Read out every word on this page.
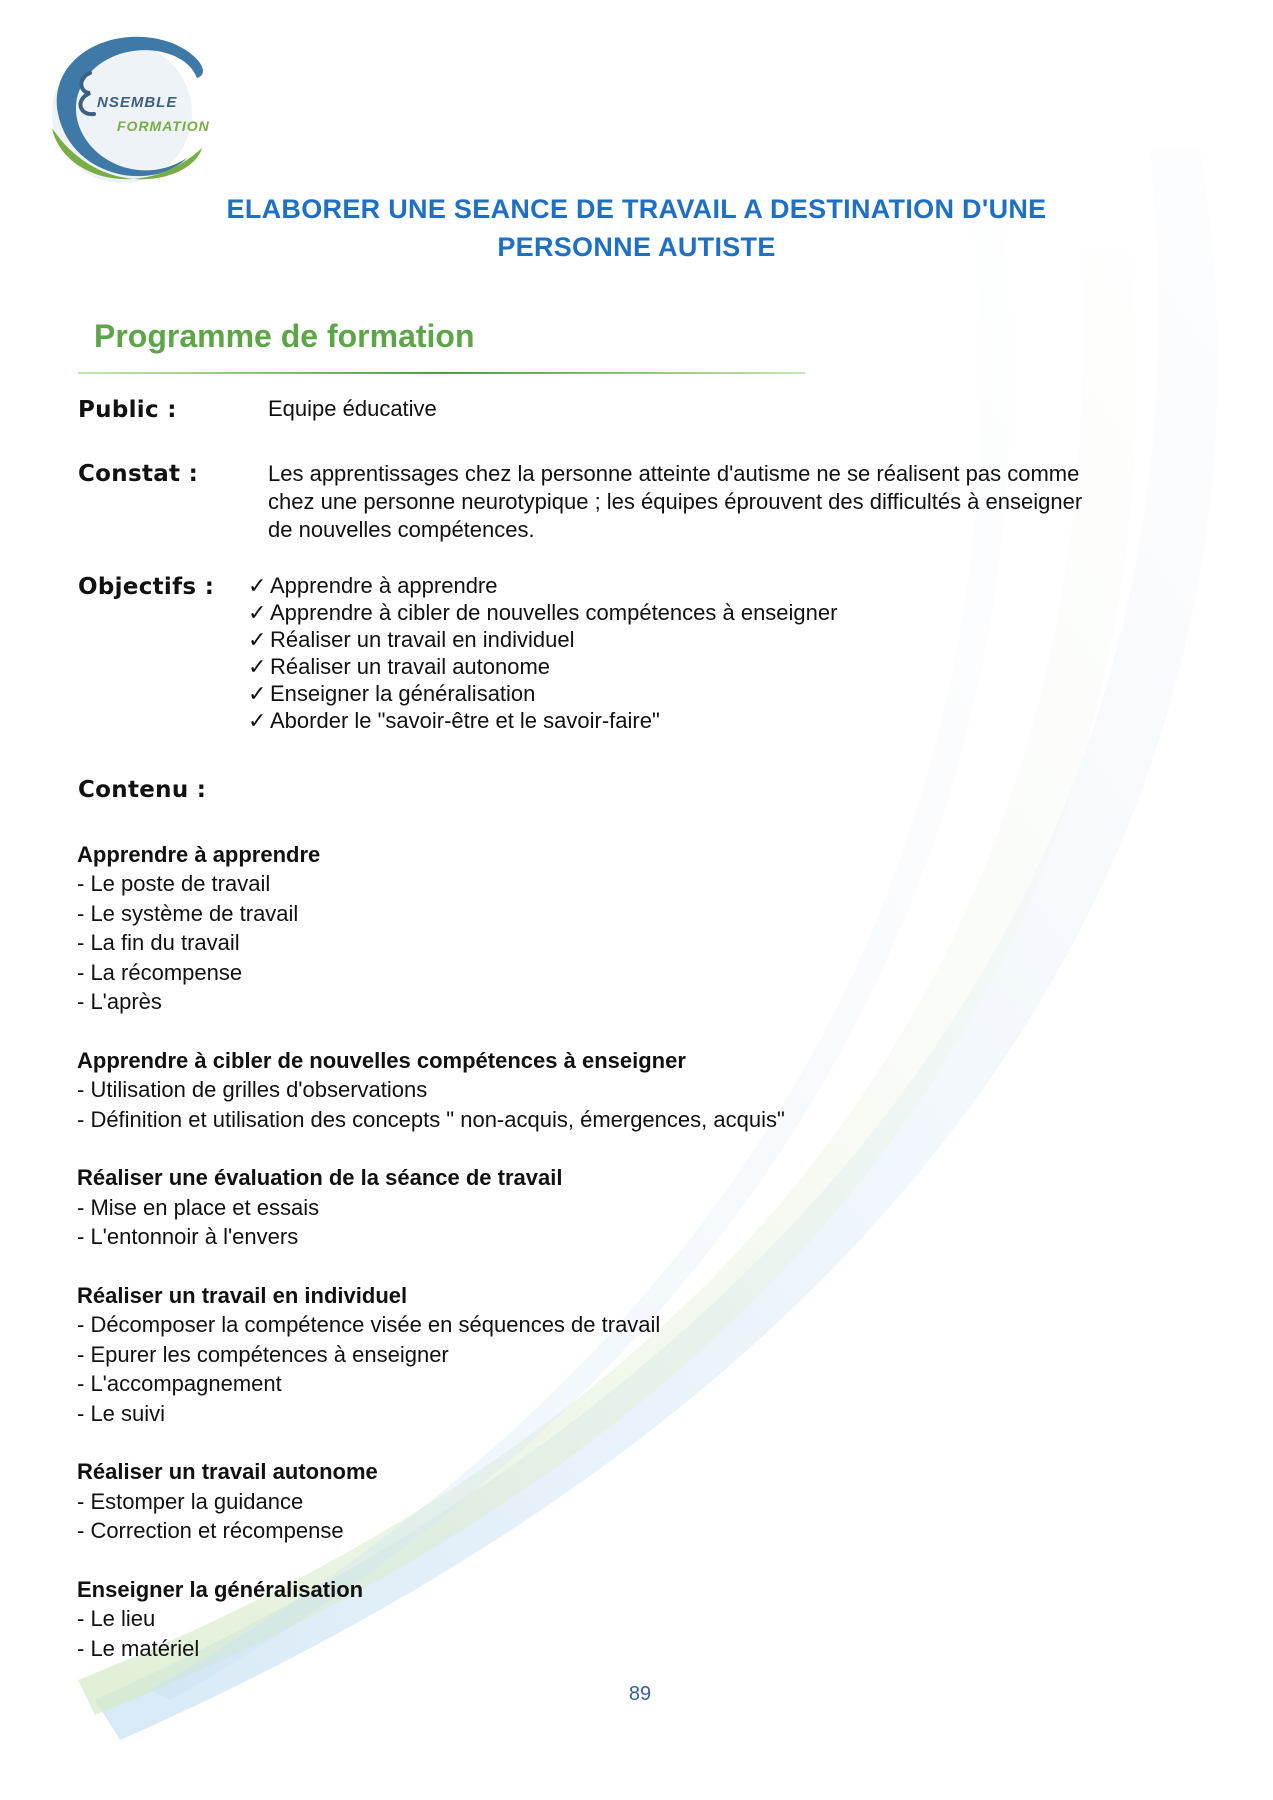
NSEMBLE
FORMATION
ELABORER UNE SEANCE DE TRAVAIL A DESTINATION D'UNE
PERSONNE AUTISTE
Programme de formation
Public :	Equipe éducative
Constat :	Les apprentissages chez la personne atteinte d'autisme ne se réalisent pas comme
chez une personne neurotypique ; les équipes éprouvent des difficultés à enseigner
de nouvelles compétences.
Objectifs : ✓ Apprendre à apprendre
✓ Apprendre à cibler de nouvelles compétences à enseigner
✓ Réaliser un travail en individuel
✓ Réaliser un travail autonome
✓ Enseigner la généralisation
✓ Aborder le "savoir-être et le savoir-faire"
Contenu :
Apprendre à apprendre
- Le poste de travail
- Le système de travail
- La fin du travail
- La récompense
- L'après
Apprendre à cibler de nouvelles compétences à enseigner
- Utilisation de grilles d'observations
- Définition et utilisation des concepts " non-acquis, émergences, acquis"
Réaliser une évaluation de la séance de travail
- Mise en place et essais
- L'entonnoir à l'envers
Réaliser un travail en individuel
- Décomposer la compétence visée en séquences de travail
- Epurer les compétences à enseigner
- L'accompagnement
- Le suivi
Réaliser un travail autonome
- Estomper la guidance
- Correction et récompense
Enseigner la généralisation
- Le lieu
- Le matériel
89
